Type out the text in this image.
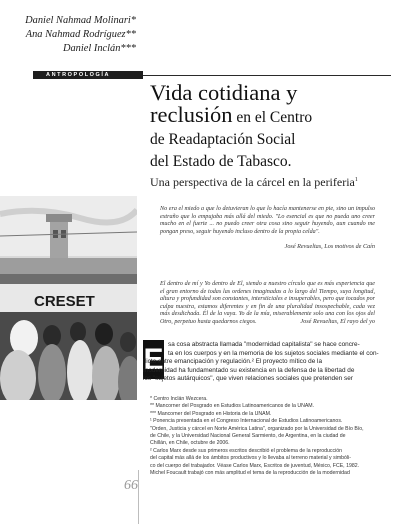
Daniel Nahmad Molinari*
Ana Nahmad Rodríguez**
Daniel Inclán***
ANTROPOLOGÍA
Vida cotidiana y
reclusión en el Centro
de Readaptación Social
del Estado de Tabasco.
Una perspectiva de la cárcel en la periferia$^1$
CRESET
No era el miedo a que lo detuvieran lo que lo hacía mantenerse en pie, sino un impulso extraño que lo empujaba más allá del miedo. "Lo esencial es que no pueda uno creer mucho en el fuerte ... no puedo creer otra cosa sino seguir huyendo, aun cuando me pongan preso, seguir huyendo incluso dentro de la propia celda".
José Revueltas, Los motivos de Caín
El dentro de mí y Yo dentro de El, siendo a nuestro círculo que es más experiencia que el gran entorno de todas las ordenes imaginadas a lo largo del Tiempo, suya longitud, altura y profundidad son constantes, intersticiales e insuperables, pero que tocados por culpa nuestra, estamos diferentes y en fin de una pluralidad insospechable, cada vez más desdichada. Él de la vaya. Yo de la mía, miserablemente solo una con los ojos del Otro, perpetuo hasta quedarnos ciegos.	José Revueltas, El rayo del yo
E sa cosa abstracta llamada "modernidad capitalista" se hace concre-
ta en los cuerpos y en la memoria de los sujetos sociales mediante el con-
flicto entre emancipación y regulación.² El proyecto mítico de la
modernidad ha fundamentado su existencia en la defensa de la libertad de
los "sujetos autárquicos", que viven relaciones sociales que pretenden ser
* Centro Inclán Wezcera.
** Mancorner del Posgrado en Estudios Latinoamericanos de la UNAM.
*** Mancorner del Posgrado en Historia de la UNAM.
¹ Ponencia presentada en el Congreso Internacional de Estudios Latinoamericanos.
"Orden, Justicia y cárcel en Norte América Latina", organizado por la Universidad de Bío Bío,
de Chile, y la Universidad Nacional General Sarmiento, de Argentina, en la ciudad de
Chillán, en Chile, octubre de 2006.
² Carlos Marx desde sus primeros escritos describió el problema de la reproducción
del capital más allá de los ámbitos productivos y lo llevaba al terreno material y simbóli-
co del cuerpo del trabajador. Véase Carlos Marx, Escritos de juventud, México, FCE, 1982.
Michel Foucault trabajó con más amplitud el tema de la reproducción de la modernidad
66
